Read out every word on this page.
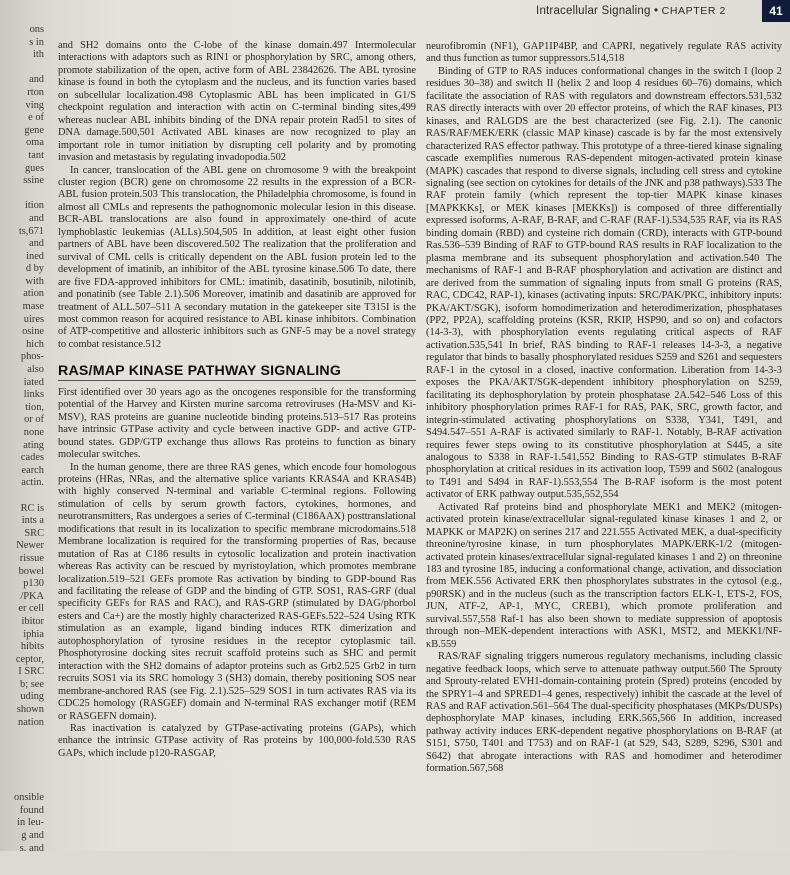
ons
s in
ith
and
rton
ving
e of
gene
oma
tant
gues
ssine
ition
and
ts,671
and
ined
d by
with
ation
mase
uires
osine
hich
phos-
also
iated
links
tion,
or of
none
ating
cades
earch
actin.
RC is
ints a
SRC
Newer
rissue
bowel
p130
/PKA
er cell
ibitor
iphia
hibits
ceptor,
I SRC
b; see
uding
shown
nation
onsible
found
in leu-
g and
s. and
Intracellular Signaling • CHAPTER 2	41

and SH2 domains onto the C-lobe of the kinase domain.497 Intermolecular interactions with adaptors such as RIN1 or phosphorylation by SRC, among others, promote stabilization of the open, active form of ABL 23842626. The ABL tyrosine kinase is found in both the cytoplasm and the nucleus, and its function varies based on subcellular localization.498 Cytoplasmic ABL has been implicated in G1/S checkpoint regulation and interaction with actin on C-terminal binding sites,499 whereas nuclear ABL inhibits binding of the DNA repair protein Rad51 to sites of DNA damage.500,501 Activated ABL kinases are now recognized to play an important role in tumor initiation by disrupting cell polarity and by promoting invasion and metastasis by regulating invadopodia.502

In cancer, translocation of the ABL gene on chromosome 9 with the breakpoint cluster region (BCR) gene on chromosome 22 results in the expression of a BCR-ABL fusion protein.503 This translocation, the Philadelphia chromosome, is found in almost all CMLs and represents the pathognomonic molecular lesion in this disease. BCR-ABL translocations are also found in approximately one-third of acute lymphoblastic leukemias (ALLs).504,505 In addition, at least eight other fusion partners of ABL have been discovered.502 The realization that the proliferation and survival of CML cells is critically dependent on the ABL fusion protein led to the development of imatinib, an inhibitor of the ABL tyrosine kinase.506 To date, there are five FDA-approved inhibitors for CML: imatinib, dasatinib, bosutinib, nilotinib, and ponatinib (see Table 2.1).506 Moreover, imatinib and dasatinib are approved for treatment of ALL.507–511 A secondary mutation in the gatekeeper site T315I is the most common reason for acquired resistance to ABL kinase inhibitors. Combination of ATP-competitive and allosteric inhibitors such as GNF-5 may be a novel strategy to combat resistance.512

RAS/MAP KINASE PATHWAY SIGNALING

First identified over 30 years ago as the oncogenes responsible for the transforming potential of the Harvey and Kirsten murine sarcoma retroviruses (Ha-MSV and Ki-MSV), RAS proteins are guanine nucleotide binding proteins.513–517 Ras proteins have intrinsic GTPase activity and cycle between inactive GDP- and active GTP-bound states. GDP/GTP exchange thus allows Ras proteins to function as binary molecular switches.

In the human genome, there are three RAS genes, which encode four homologous proteins (HRas, NRas, and the alternative splice variants KRAS4A and KRAS4B) with highly conserved N-terminal and variable C-terminal regions. Following stimulation of cells by serum growth factors, cytokines, hormones, and neurotransmitters, Ras undergoes a series of C-terminal (C186AAX) posttranslational modifications that result in its localization to specific membrane microdomains.518 Membrane localization is required for the transforming properties of Ras, because mutation of Ras at C186 results in cytosolic localization and protein inactivation whereas Ras activity can be rescued by myristoylation, which promotes membrane localization.519–521 GEFs promote Ras activation by binding to GDP-bound Ras and facilitating the release of GDP and the binding of GTP. SOS1, RAS-GRF (dual specificity GEFs for RAS and RAC), and RAS-GRP (stimulated by DAG/phorbol esters and Ca+) are the mostly highly characterized RAS-GEFs.522–524 Using RTK stimulation as an example, ligand binding induces RTK dimerization and autophosphorylation of tyrosine residues in the receptor cytoplasmic tail. Phosphotyrosine docking sites recruit scaffold proteins such as SHC and permit interaction with the SH2 domains of adaptor proteins such as Grb2.525 Grb2 in turn recruits SOS1 via its SRC homology 3 (SH3) domain, thereby positioning SOS near membrane-anchored RAS (see Fig. 2.1).525–529 SOS1 in turn activates RAS via its CDC25 homology (RASGEF) domain and N-terminal RAS exchanger motif (REM or RASGEFN domain).

Ras inactivation is catalyzed by GTPase-activating proteins (GAPs), which enhance the intrinsic GTPase activity of Ras proteins by 100,000-fold.530 RAS GAPs, which include p120-RASGAP,

neurofibromin (NF1), GAP1IP4BP, and CAPRI, negatively regulate RAS activity and thus function as tumor suppressors.514,518

Binding of GTP to RAS induces conformational changes in the switch I (loop 2 residues 30–38) and switch II (helix 2 and loop 4 residues 60–76) domains, which facilitate the association of RAS with regulators and downstream effectors.531,532 RAS directly interacts with over 20 effector proteins, of which the RAF kinases, PI3 kinases, and RALGDS are the best characterized (see Fig. 2.1). The canonic RAS/RAF/MEK/ERK (classic MAP kinase) cascade is by far the most extensively characterized RAS effector pathway. This prototype of a three-tiered kinase signaling cascade exemplifies numerous RAS-dependent mitogen-activated protein kinase (MAPK) cascades that respond to diverse signals, including cell stress and cytokine signaling (see section on cytokines for details of the JNK and p38 pathways).533 The RAF protein family (which represent the top-tier MAPK kinase kinases [MAPKKKs], or MEK kinases [MEKKs]) is composed of three differentially expressed isoforms, A-RAF, B-RAF, and C-RAF (RAF-1).534,535 RAF, via its RAS binding domain (RBD) and cysteine rich domain (CRD), interacts with GTP-bound Ras.536–539 Binding of RAF to GTP-bound RAS results in RAF localization to the plasma membrane and its subsequent phosphorylation and activation.540 The mechanisms of RAF-1 and B-RAF phosphorylation and activation are distinct and are derived from the summation of signaling inputs from small G proteins (RAS, RAC, CDC42, RAP-1), kinases (activating inputs: SRC/PAK/PKC, inhibitory inputs: PKA/AKT/SGK), isoform homodimerization and heterodimerization, phosphatases (PP2, PP2A), scaffolding proteins (KSR, RKIP, HSP90, and so on) and cofactors (14-3-3), with phosphorylation events regulating critical aspects of RAF activation.535,541 In brief, RAS binding to RAF-1 releases 14-3-3, a negative regulator that binds to basally phosphorylated residues S259 and S261 and sequesters RAF-1 in the cytosol in a closed, inactive conformation. Liberation from 14-3-3 exposes the PKA/AKT/SGK-dependent inhibitory phosphorylation on S259, facilitating its dephosphorylation by protein phosphatase 2A.542–546 Loss of this inhibitory phosphorylation primes RAF-1 for RAS, PAK, SRC, growth factor, and integrin-stimulated activating phosphorylations on S338, Y341, T491, and S494.547–551 A-RAF is activated similarly to RAF-1. Notably, B-RAF activation requires fewer steps owing to its constitutive phosphorylation at S445, a site analogous to S338 in RAF-1.541,552 Binding to RAS-GTP stimulates B-RAF phosphorylation at critical residues in its activation loop, T599 and S602 (analogous to T491 and S494 in RAF-1).553,554 The B-RAF isoform is the most potent activator of ERK pathway output.535,552,554

Activated Raf proteins bind and phosphorylate MEK1 and MEK2 (mitogen-activated protein kinase/extracellular signal-regulated kinase kinases 1 and 2, or MAPKK or MAP2K) on serines 217 and 221.555 Activated MEK, a dual-specificity threonine/tyrosine kinase, in turn phosphorylates MAPK/ERK-1/2 (mitogen-activated protein kinases/extracellular signal-regulated kinases 1 and 2) on threonine 183 and tyrosine 185, inducing a conformational change, activation, and dissociation from MEK.556 Activated ERK then phosphorylates substrates in the cytosol (e.g., p90RSK) and in the nucleus (such as the transcription factors ELK-1, ETS-2, FOS, JUN, ATF-2, AP-1, MYC, CREB1), which promote proliferation and survival.557,558 Raf-1 has also been shown to mediate suppression of apoptosis through non–MEK-dependent interactions with ASK1, MST2, and MEKK1/NF-κB.559

RAS/RAF signaling triggers numerous regulatory mechanisms, including classic negative feedback loops, which serve to attenuate pathway output.560 The Sprouty and Sprouty-related EVH1-domain-containing protein (Spred) proteins (encoded by the SPRY1–4 and SPRED1–4 genes, respectively) inhibit the cascade at the level of RAS and RAF activation.561–564 The dual-specificity phosphatases (MKPs/DUSPs) dephosphorylate MAP kinases, including ERK.565,566 In addition, increased pathway activity induces ERK-dependent negative phosphorylations on B-RAF (at S151, S750, T401 and T753) and on RAF-1 (at S29, S43, S289, S296, S301 and S642) that abrogate interactions with RAS and homodimer and heterodimer formation.567,568
